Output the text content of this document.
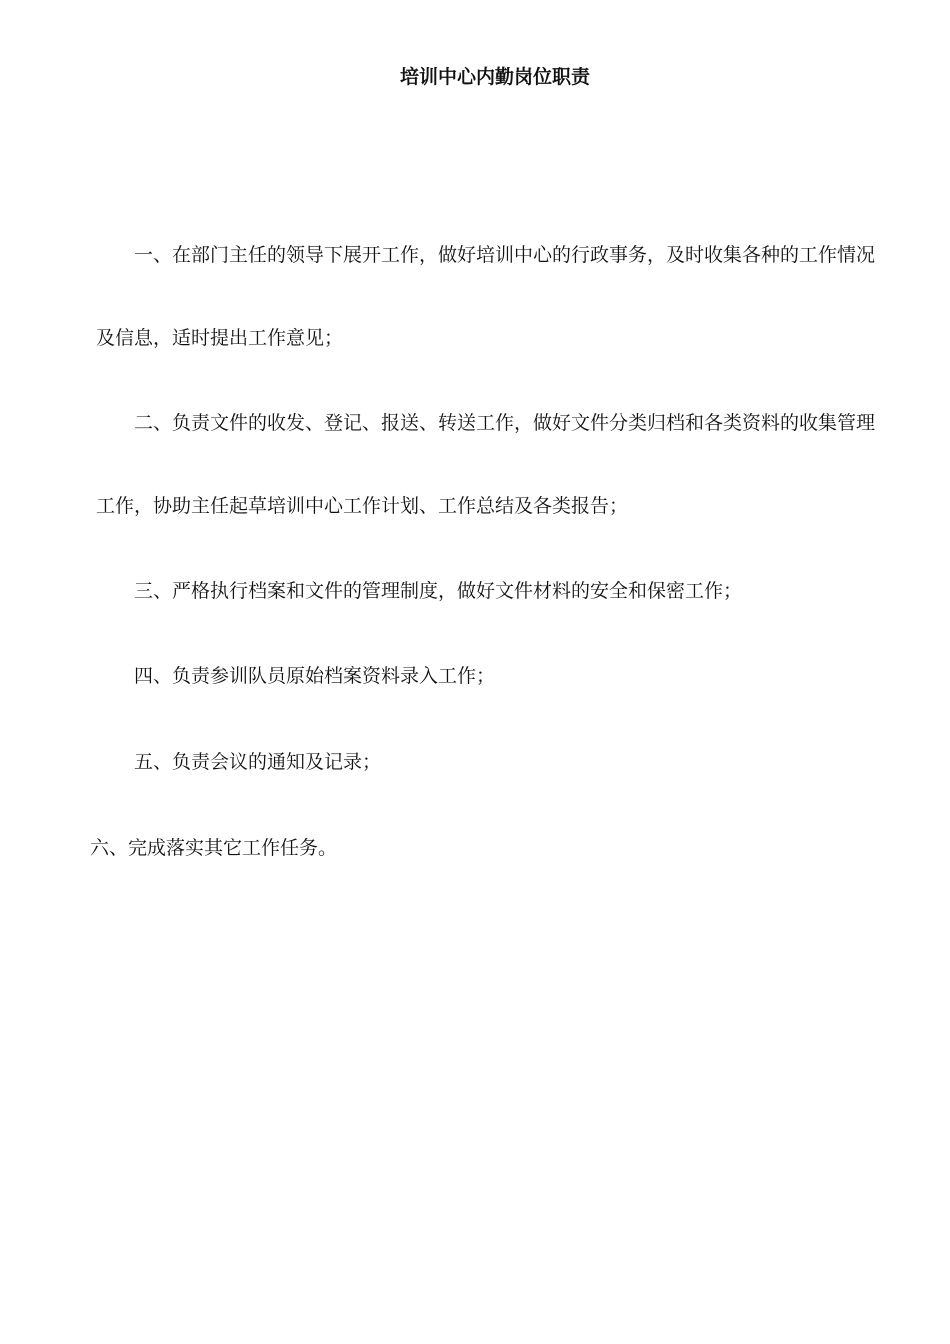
培训中心内勤岗位职责
一、在部门主任的领导下展开工作，做好培训中心的行政事务，及时收集各种的工作情况
及信息，适时提出工作意见；
二、负责文件的收发、登记、报送、转送工作，做好文件分类归档和各类资料的收集管理
工作，协助主任起草培训中心工作计划、工作总结及各类报告；
三、严格执行档案和文件的管理制度，做好文件材料的安全和保密工作；
四、负责参训队员原始档案资料录入工作；
五、负责会议的通知及记录；
六、完成落实其它工作任务。
